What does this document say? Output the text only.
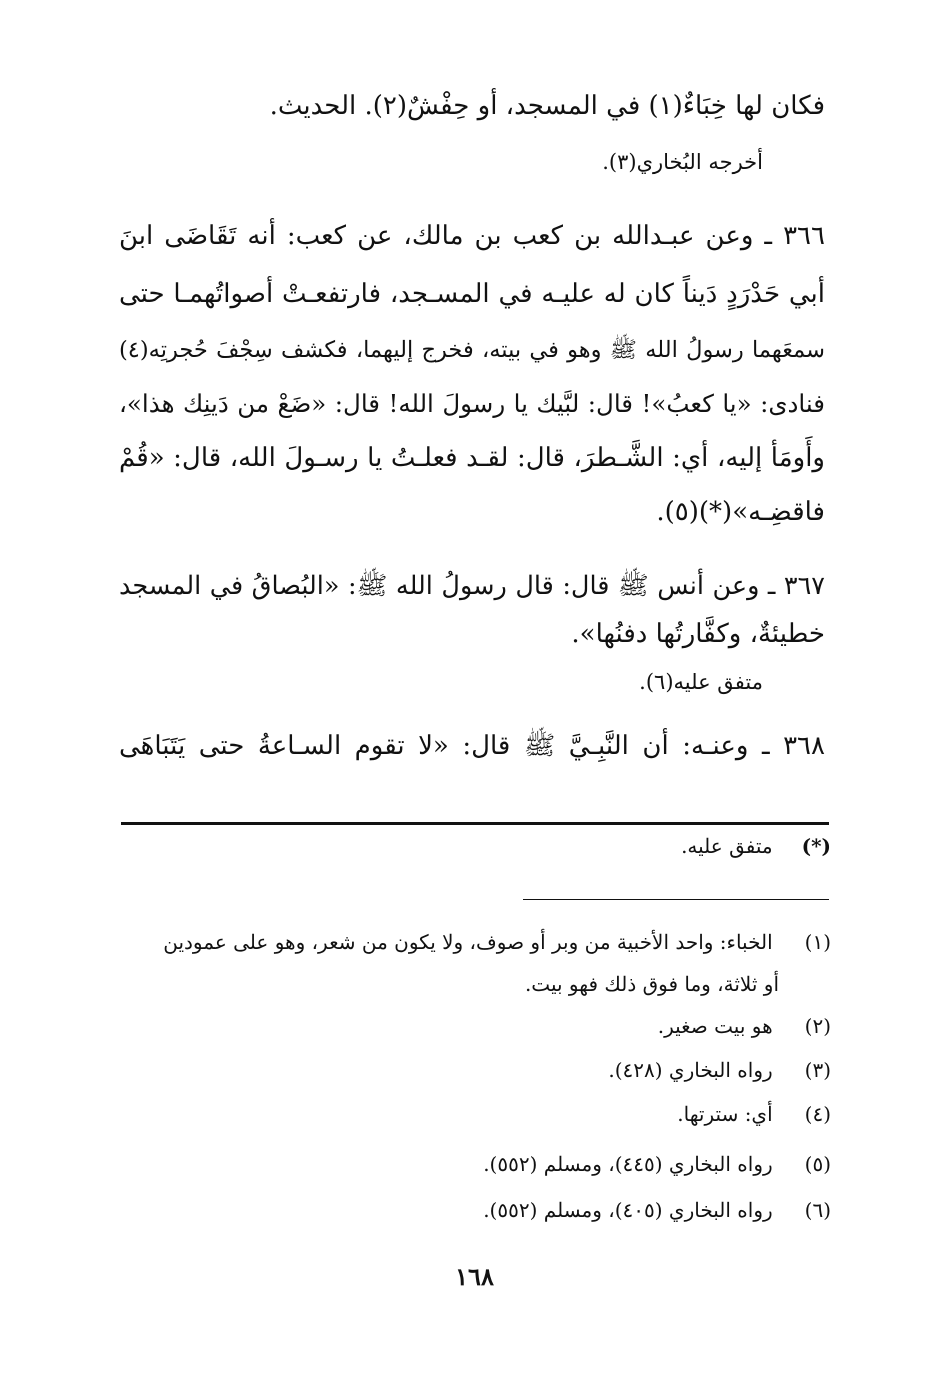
فكان لها خِبَاءٌ(١) في المسجد، أو حِفْشٌ(٢). الحديث.
أخرجه البُخاري(٣).
٣٦٦ ـ وعن عبـدالله بن كعب بن مالك، عن كعب: أنه تَقَاضَى ابنَ
أبي حَدْرَدٍ دَيناً كان له عليـه في المسـجد، فارتفعـتْ أصواتُهمـا حتى
سمعَهما رسولُ الله ﷺ وهو في بيته، فخرج إليهما، فكشف سِجْفَ حُجرتِه(٤)
فنادى: «يا كعبُ»! قال: لبَّيك يا رسولَ الله! قال: «ضَعْ من دَينِك هذا»،
وأَومَأ إليه، أي: الشَّـطرَ، قال: لقـد فعلـتُ يا رسـولَ الله، قال: «قُمْ
فاقضِـه»(*)(٥).
٣٦٧ ـ وعن أنس ﷺ قال: قال رسولُ الله ﷺ: «البُصاقُ في المسجد
خطيئةٌ، وكفَّارتُها دفنُها».
متفق عليه(٦).
٣٦٨ ـ وعنـه: أن النَّبِـيَّ ﷺ قال: «لا تقوم السـاعةُ حتى يَتَبَاهَى
(*) متفق عليه.
(١) الخباء: واحد الأخبية من وبر أو صوف، ولا يكون من شعر، وهو على عمودين
أو ثلاثة، وما فوق ذلك فهو بيت.
(٢) هو بيت صغير.
(٣) رواه البخاري (٤٢٨).
(٤) أي: سترتها.
(٥) رواه البخاري (٤٤٥)، ومسلم (٥٥٢).
(٦) رواه البخاري (٤٠٥)، ومسلم (٥٥٢).
١٦٨
